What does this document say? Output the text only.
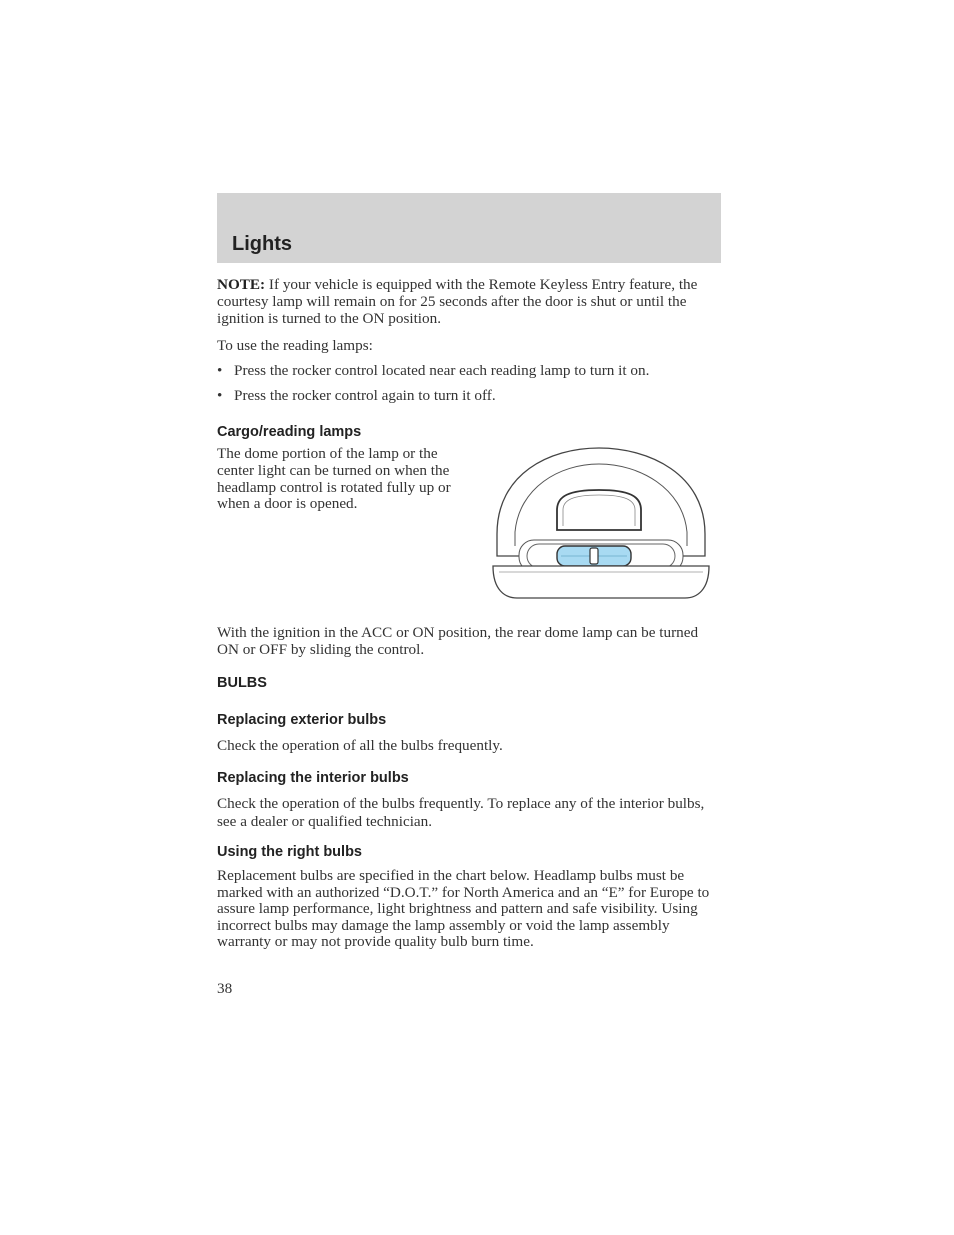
Lights

NOTE: If your vehicle is equipped with the Remote Keyless Entry feature, the courtesy lamp will remain on for 25 seconds after the door is shut or until the ignition is turned to the ON position.

To use the reading lamps:

• Press the rocker control located near each reading lamp to turn it on.
• Press the rocker control again to turn it off.
Cargo/reading lamps

The dome portion of the lamp or the center light can be turned on when the headlamp control is rotated fully up or when a door is opened.

With the ignition in the ACC or ON position, the rear dome lamp can be turned ON or OFF by sliding the control.

BULBS
Replacing exterior bulbs

Check the operation of all the bulbs frequently.

Replacing the interior bulbs

Check the operation of the bulbs frequently. To replace any of the interior bulbs, see a dealer or qualified technician.

Using the right bulbs

Replacement bulbs are specified in the chart below. Headlamp bulbs must be marked with an authorized “D.O.T.” for North America and an “E” for Europe to assure lamp performance, light brightness and pattern and safe visibility. Using incorrect bulbs may damage the lamp assembly or void the lamp assembly warranty or may not provide quality bulb burn time.

38
